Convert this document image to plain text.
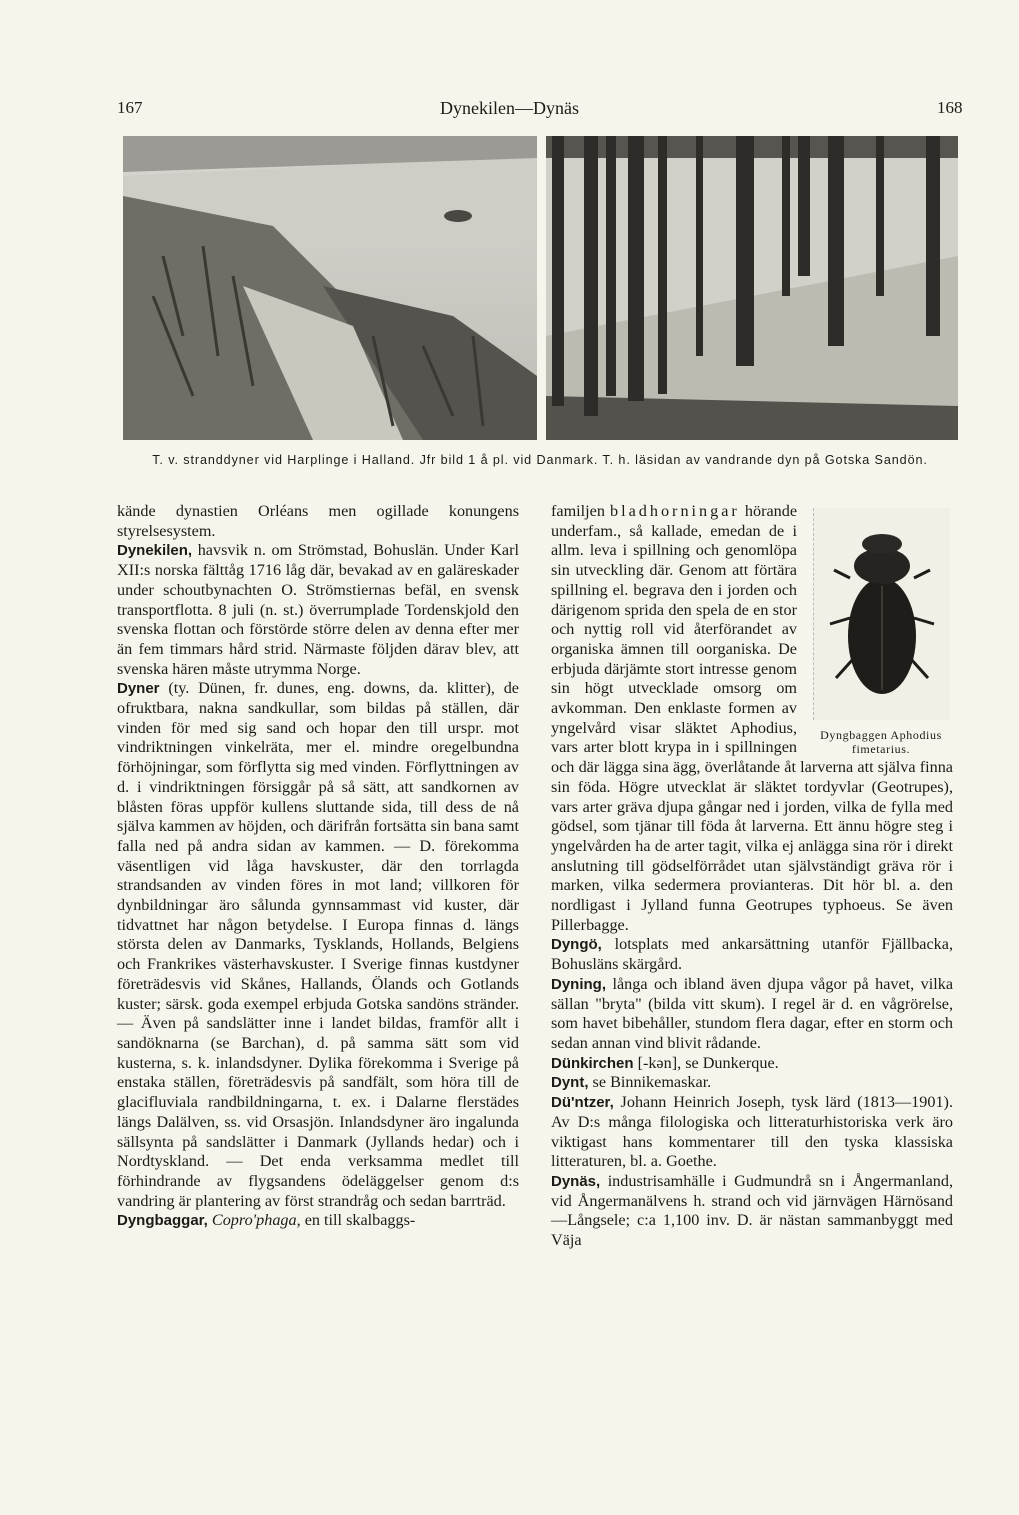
167	Dynekilen—Dynäs	168
T. v. stranddyner vid Harplinge i Halland. Jfr bild 1 å pl. vid Danmark. T. h. läsidan av vandrande dyn på Gotska Sandön.

kände dynastien Orléans men ogillade konungens styrelsesystem.

Dynekilen, havsvik n. om Strömstad, Bohuslän. Under Karl XII:s norska fälttåg 1716 låg där, bevakad av en galäreskader under schoutbynachten O. Strömstiernas befäl, en svensk transportflotta. 8 juli (n. st.) överrumplade Tordenskjold den svenska flottan och förstörde större delen av denna efter mer än fem timmars hård strid. Närmaste följden därav blev, att svenska hären måste utrymma Norge.

Dyner (ty. Dünen, fr. dunes, eng. downs, da. klitter), de ofruktbara, nakna sandkullar, som bildas på ställen, där vinden för med sig sand och hopar den till urspr. mot vindriktningen vinkelräta, mer el. mindre oregelbundna förhöjningar, som förflytta sig med vinden. Förflyttningen av d. i vindriktningen försiggår på så sätt, att sandkornen av blåsten föras uppför kullens sluttande sida, till dess de nå själva kammen av höjden, och därifrån fortsätta sin bana samt falla ned på andra sidan av kammen. — D. förekomma väsentligen vid låga havskuster, där den torrlagda strandsanden av vinden föres in mot land; villkoren för dynbildningar äro sålunda gynnsammast vid kuster, där tidvattnet har någon betydelse. I Europa finnas d. längs största delen av Danmarks, Tysklands, Hollands, Belgiens och Frankrikes västerhavskuster. I Sverige finnas kustdyner företrädesvis vid Skånes, Hallands, Ölands och Gotlands kuster; särsk. goda exempel erbjuda Gotska sandöns stränder. — Även på sandslätter inne i landet bildas, framför allt i sandöknarna (se Barchan), d. på samma sätt som vid kusterna, s. k. inlandsdyner. Dylika förekomma i Sverige på enstaka ställen, företrädesvis på sandfält, som höra till de glacifluviala randbildningarna, t. ex. i Dalarne flerstädes längs Dalälven, ss. vid Orsasjön. Inlandsdyner äro ingalunda sällsynta på sandslätter i Danmark (Jyllands hedar) och i Nordtyskland. — Det enda verksamma medlet till förhindrande av flygsandens ödeläggelser genom d:s vandring är plantering av först strandråg och sedan barrträd.

Dyngbaggar, Copro'phaga, en till skalbaggs-

Dyngbaggen Aphodius fimetarius.

familjen bladhorningar hörande underfam., så kallade, emedan de i allm. leva i spillning och genomlöpa sin utveckling där. Genom att förtära spillning el. begrava den i jorden och därigenom sprida den spela de en stor och nyttig roll vid återförandet av organiska ämnen till oorganiska. De erbjuda därjämte stort intresse genom sin högt utvecklade omsorg om avkomman. Den enklaste formen av yngelvård visar släktet Aphodius, vars arter blott krypa in i spillningen och där lägga sina ägg, överlåtande åt larverna att själva finna sin föda. Högre utvecklat är släktet tordyvlar (Geotrupes), vars arter gräva djupa gångar ned i jorden, vilka de fylla med gödsel, som tjänar till föda åt larverna. Ett ännu högre steg i yngelvården ha de arter tagit, vilka ej anlägga sina rör i direkt anslutning till gödselförrådet utan självständigt gräva rör i marken, vilka sedermera provianteras. Dit hör bl. a. den nordligast i Jylland funna Geotrupes typhoeus. Se även Pillerbagge.

Dyngö, lotsplats med ankarsättning utanför Fjällbacka, Bohusläns skärgård.

Dyning, långa och ibland även djupa vågor på havet, vilka sällan "bryta" (bilda vitt skum). I regel är d. en vågrörelse, som havet bibehåller, stundom flera dagar, efter en storm och sedan annan vind blivit rådande.

Dünkirchen [-kən], se Dunkerque.

Dynt, se Binnikemaskar.

Dü'ntzer, Johann Heinrich Joseph, tysk lärd (1813—1901). Av D:s många filologiska och litteraturhistoriska verk äro viktigast hans kommentarer till den tyska klassiska litteraturen, bl. a. Goethe.

Dynäs, industrisamhälle i Gudmundrå sn i Ångermanland, vid Ångermanälvens h. strand och vid järnvägen Härnösand—Långsele; c:a 1,100 inv. D. är nästan sammanbyggt med Väja
